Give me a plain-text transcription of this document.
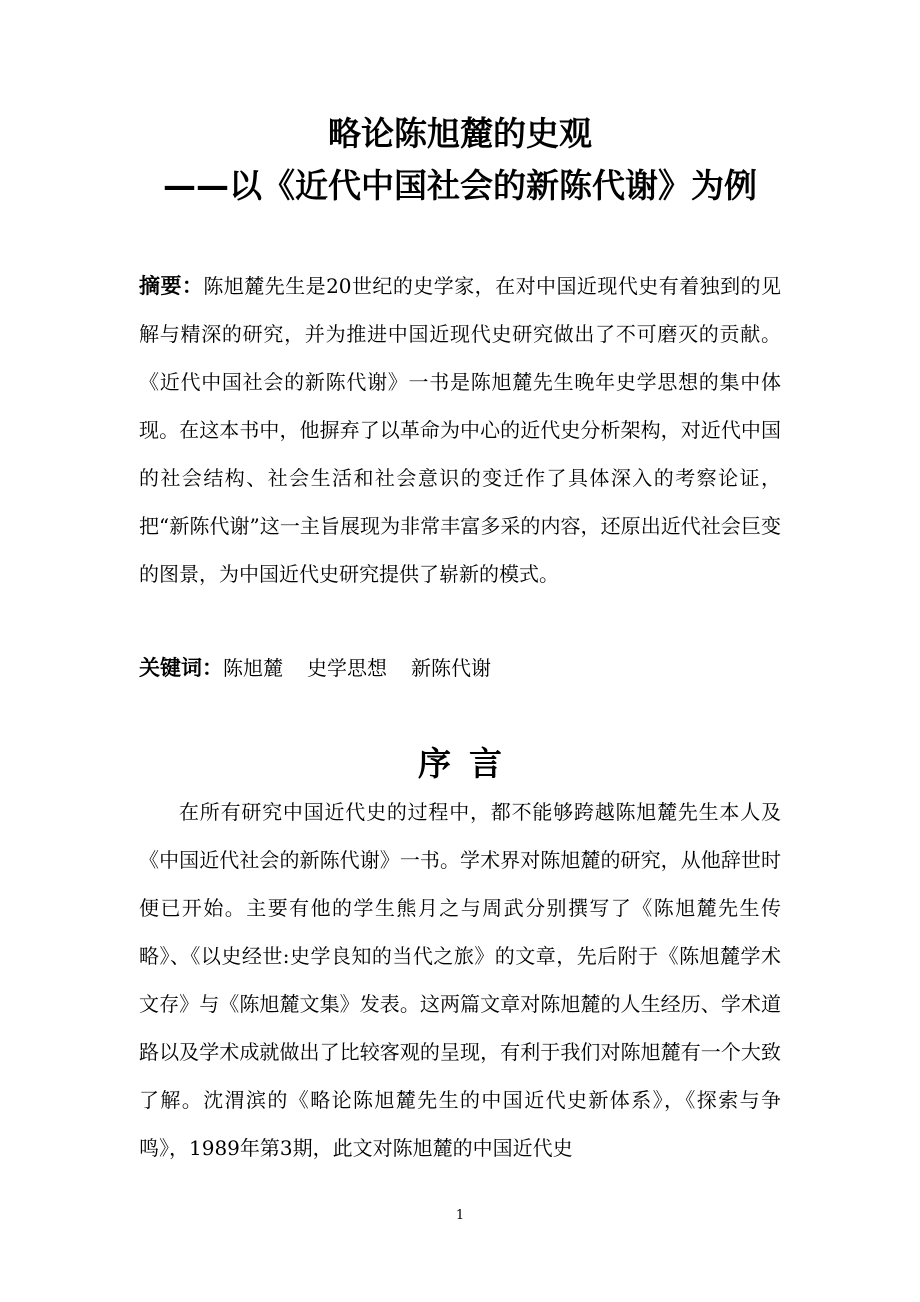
略论陈旭麓的史观
——以《近代中国社会的新陈代谢》为例
摘要：陈旭麓先生是20世纪的史学家，在对中国近现代史有着独到的见解与精深的研究，并为推进中国近现代史研究做出了不可磨灭的贡献。《近代中国社会的新陈代谢》一书是陈旭麓先生晚年史学思想的集中体现。在这本书中，他摒弃了以革命为中心的近代史分析架构，对近代中国的社会结构、社会生活和社会意识的变迁作了具体深入的考察论证，把“新陈代谢”这一主旨展现为非常丰富多采的内容，还原出近代社会巨变的图景，为中国近代史研究提供了崭新的模式。
关键词：陈旭麓 史学思想 新陈代谢
序言
在所有研究中国近代史的过程中，都不能够跨越陈旭麓先生本人及《中国近代社会的新陈代谢》一书。学术界对陈旭麓的研究，从他辞世时便已开始。主要有他的学生熊月之与周武分别撰写了《陈旭麓先生传略》、《以史经世:史学良知的当代之旅》的文章，先后附于《陈旭麓学术文存》与《陈旭麓文集》发表。这两篇文章对陈旭麓的人生经历、学术道路以及学术成就做出了比较客观的呈现，有利于我们对陈旭麓有一个大致了解。沈渭滨的《略论陈旭麓先生的中国近代史新体系》，《探索与争鸣》，1989年第3期，此文对陈旭麓的中国近代史
1
